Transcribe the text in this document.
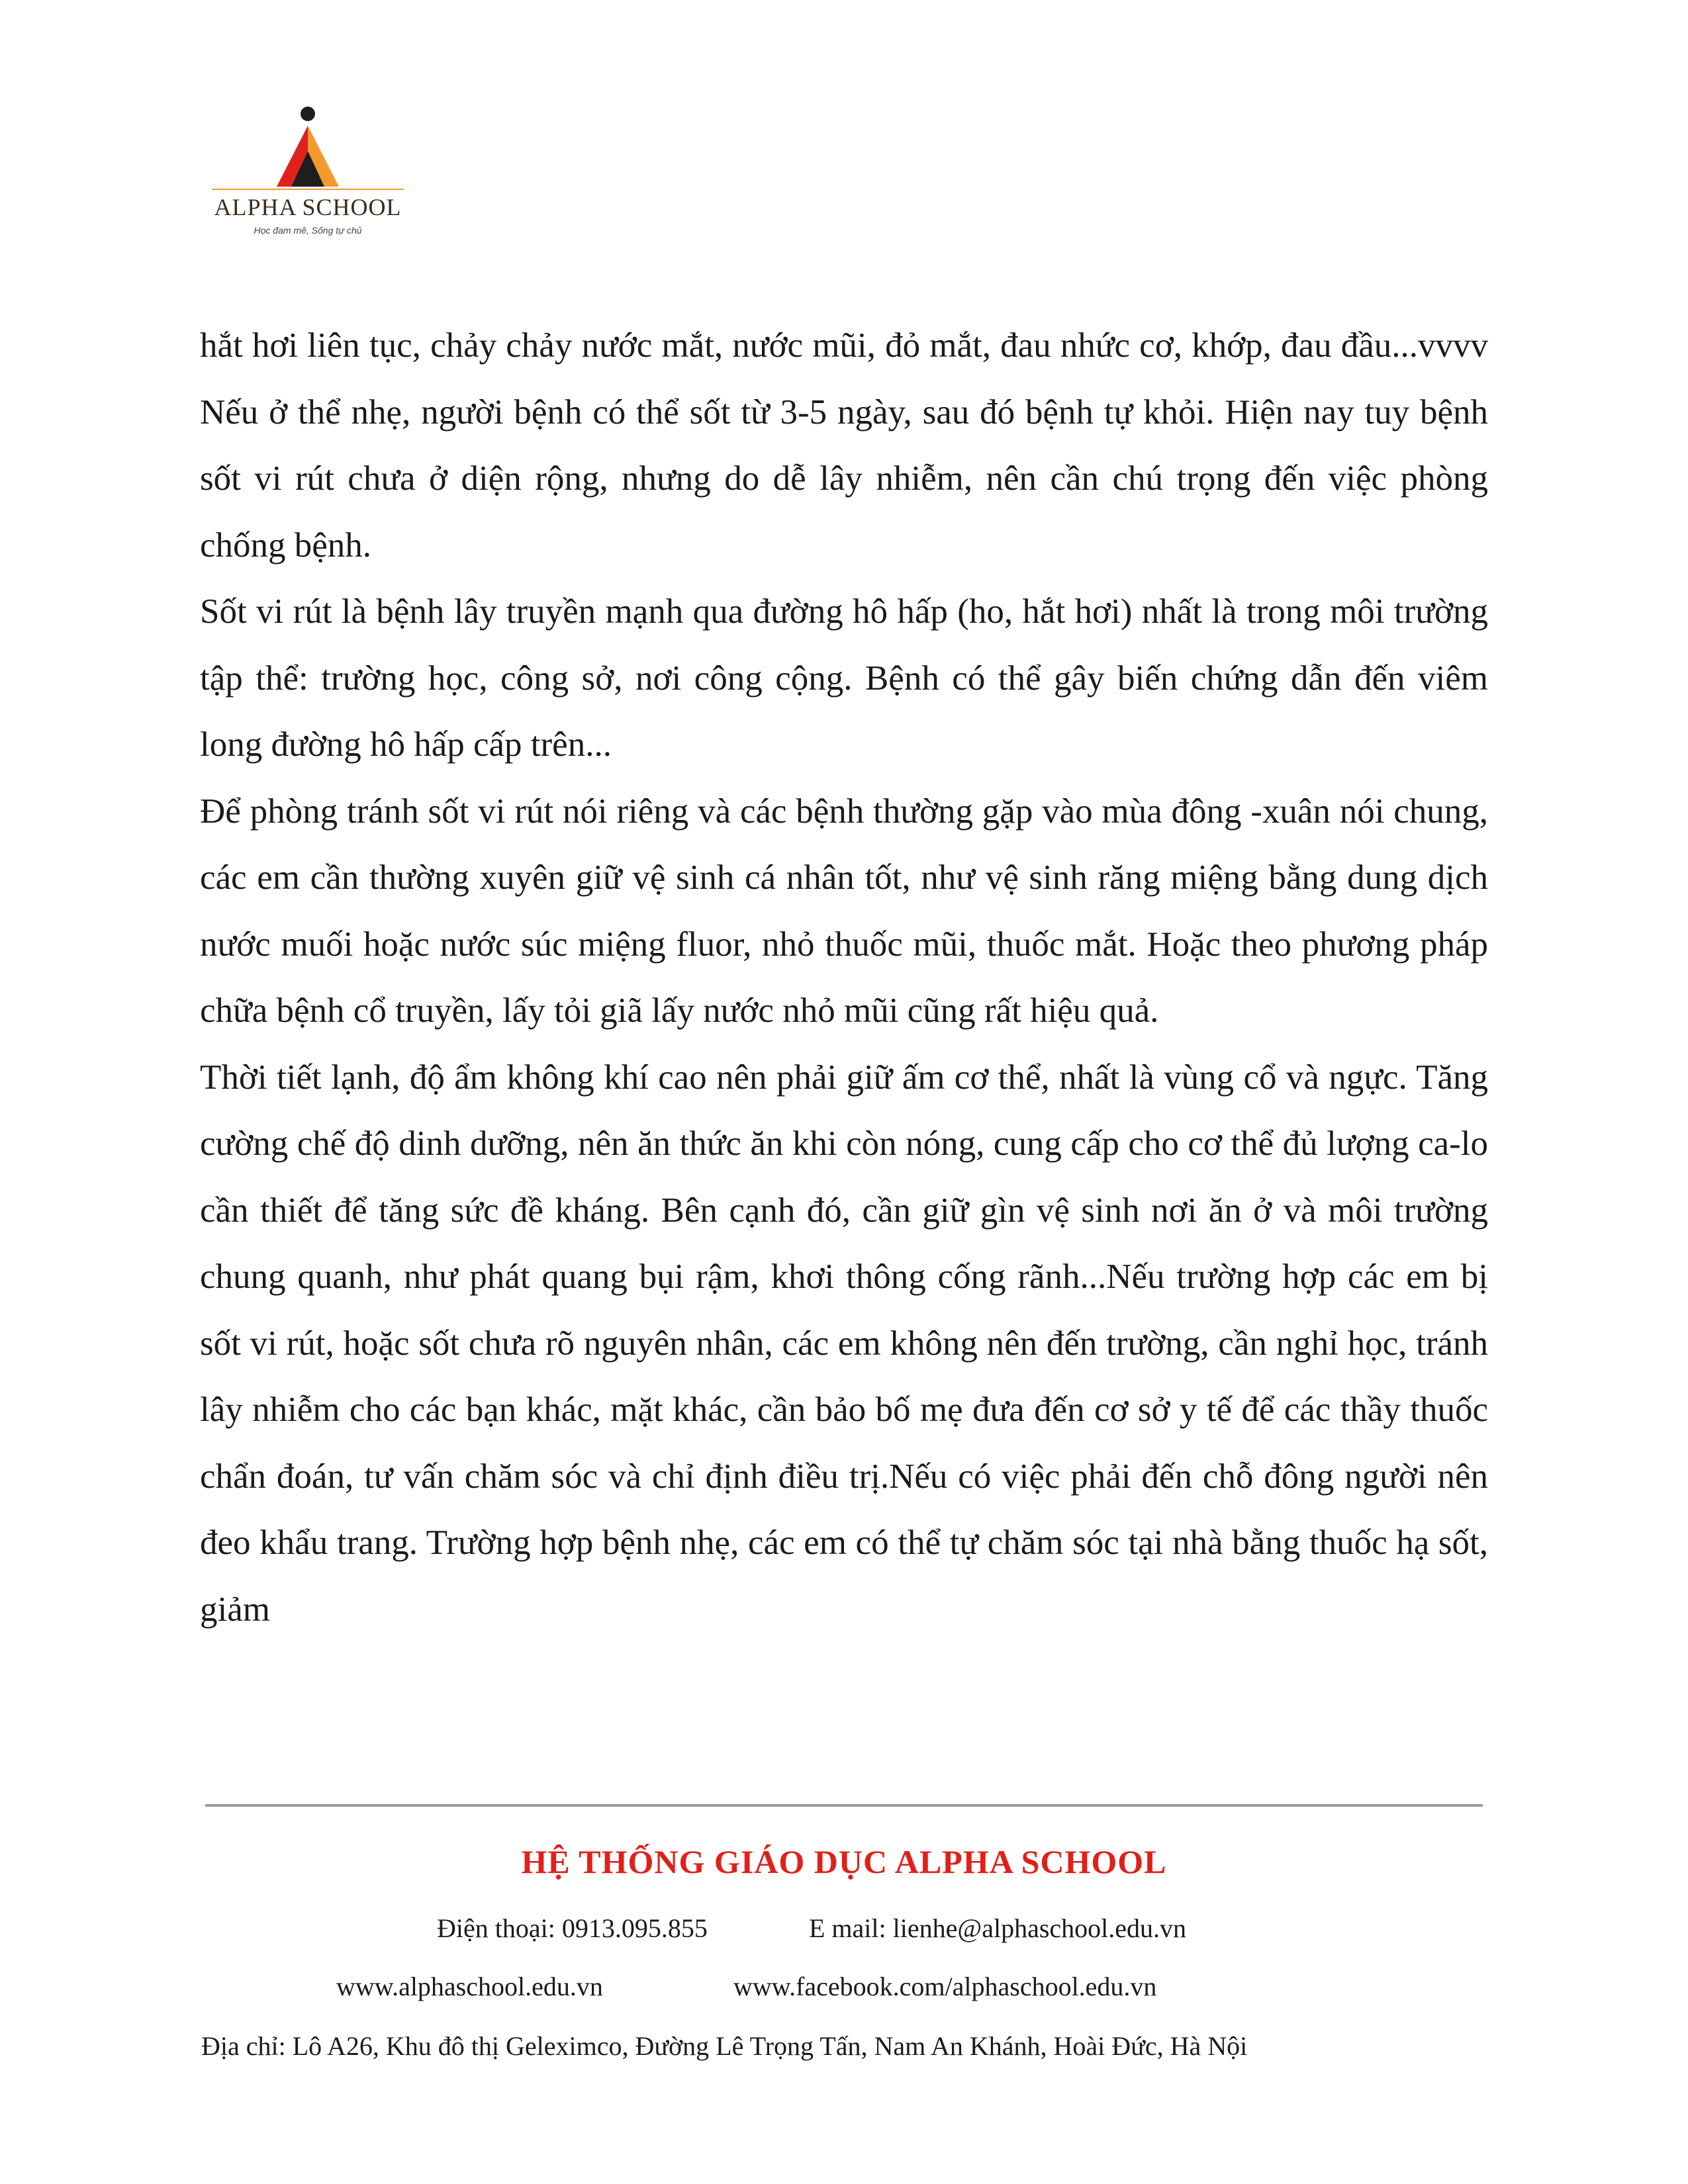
ALPHA SCHOOL
Học đam mê, Sống tự chủ

hắt hơi liên tục, chảy chảy nước mắt, nước mũi, đỏ mắt, đau nhức cơ, khớp, đau đầu...vvvv Nếu ở thể nhẹ, người bệnh có thể sốt từ 3-5 ngày, sau đó bệnh tự khỏi. Hiện nay tuy bệnh sốt vi rút chưa ở diện rộng, nhưng do dễ lây nhiễm, nên cần chú trọng đến việc phòng chống bệnh.

Sốt vi rút là bệnh lây truyền mạnh qua đường hô hấp (ho, hắt hơi) nhất là trong môi trường tập thể: trường học, công sở, nơi công cộng. Bệnh có thể gây biến chứng dẫn đến viêm long đường hô hấp cấp trên...

Để phòng tránh sốt vi rút nói riêng và các bệnh thường gặp vào mùa đông -xuân nói chung, các em cần thường xuyên giữ vệ sinh cá nhân tốt, như vệ sinh răng miệng bằng dung dịch nước muối hoặc nước súc miệng fluor, nhỏ thuốc mũi, thuốc mắt. Hoặc theo phương pháp chữa bệnh cổ truyền, lấy tỏi giã lấy nước nhỏ mũi cũng rất hiệu quả.

Thời tiết lạnh, độ ẩm không khí cao nên phải giữ ấm cơ thể, nhất là vùng cổ và ngực. Tăng cường chế độ dinh dưỡng, nên ăn thức ăn khi còn nóng, cung cấp cho cơ thể đủ lượng ca-lo cần thiết để tăng sức đề kháng. Bên cạnh đó, cần giữ gìn vệ sinh nơi ăn ở và môi trường chung quanh, như phát quang bụi rậm, khơi thông cống rãnh...Nếu trường hợp các em bị sốt vi rút, hoặc sốt chưa rõ nguyên nhân, các em không nên đến trường, cần nghỉ học, tránh lây nhiễm cho các bạn khác, mặt khác, cần bảo bố mẹ đưa đến cơ sở y tế để các thầy thuốc chẩn đoán, tư vấn chăm sóc và chỉ định điều trị.Nếu có việc phải đến chỗ đông người nên đeo khẩu trang. Trường hợp bệnh nhẹ, các em có thể tự chăm sóc tại nhà bằng thuốc hạ sốt, giảm

HỆ THỐNG GIÁO DỤC ALPHA SCHOOL
Điện thoại: 0913.095.855	E mail: lienhe@alphaschool.edu.vn
www.alphaschool.edu.vn	www.facebook.com/alphaschool.edu.vn
Địa chỉ: Lô A26, Khu đô thị Geleximco, Đường Lê Trọng Tấn, Nam An Khánh, Hoài Đức, Hà Nội
